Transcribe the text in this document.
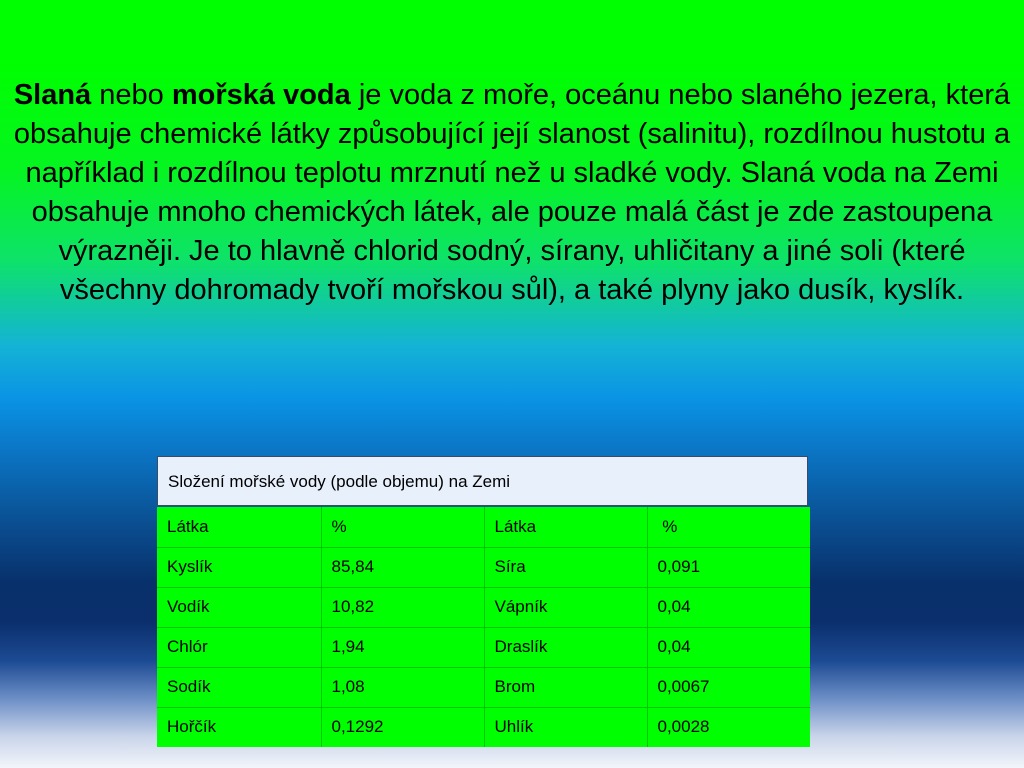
Slaná nebo mořská voda je voda z moře, oceánu nebo slaného jezera, která obsahuje chemické látky způsobující její slanost (salinitu), rozdílnou hustotu a například i rozdílnou teplotu mrznutí než u sladké vody. Slaná voda na Zemi obsahuje mnoho chemických látek, ale pouze malá část je zde zastoupena výrazněji. Je to hlavně chlorid sodný, sírany, uhličitany a jiné soli (které všechny dohromady tvoří mořskou sůl), a také plyny jako dusík, kyslík.

Složení mořské vody (podle objemu) na Zemi
Látka	%	Látka	%
Kyslík	85,84	Síra	0,091
Vodík	10,82	Vápník	0,04
Chlór	1,94	Draslík	0,04
Sodík	1,08	Brom	0,0067
Hořčík	0,1292	Uhlík	0,0028
